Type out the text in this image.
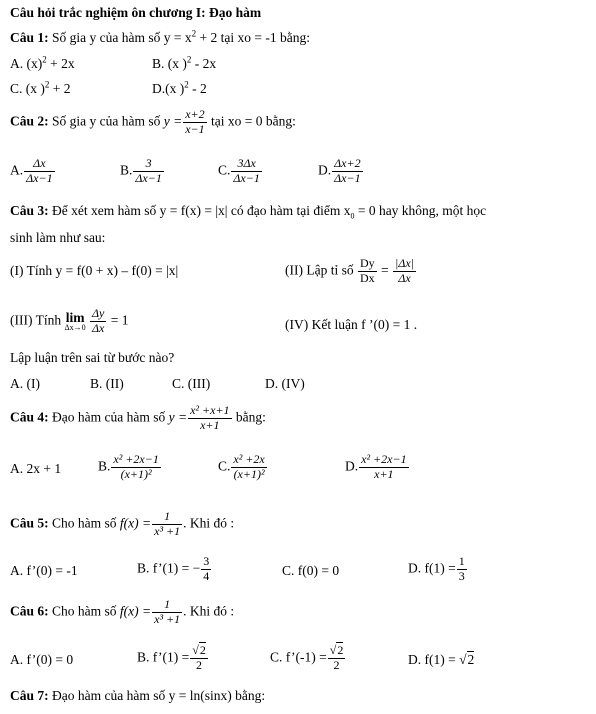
Câu hỏi trắc nghiệm ôn chương I: Đạo hàm
Câu 1: Số gia y của hàm số $y = x^2 + 2$ tại xo = -1 bằng:
A. $(x)^2 + 2x$	B. (x )$^2$ - 2x
C. (x )$^2$ + 2	D.(x )$^2$ - 2
Câu 2: Số gia y của hàm số $y = \frac{x+2}{x-1}$ tại xo = 0 bằng:
A. $\frac{\Delta x}{\Delta x-1}$	B. $\frac{3}{\Delta x-1}$	C. $\frac{3\Delta x}{\Delta x-1}$	D. $\frac{\Delta x+2}{\Delta x-1}$
Câu 3: Để xét xem hàm số y = f(x) = |x| có đạo hàm tại điểm $x_0 = 0$ hay không, một học
sinh làm như sau:
(I) Tính y = f(0 + x) – f(0) = |x|	(II) Lập tỉ số $\frac{Dy}{Dx} = \frac{|\Delta x|}{\Delta x}$
(III) Tính lim
Δx→0
$\frac{\Delta y}{\Delta x} = 1$	(IV) Kết luận f ’(0) = 1 .
Lập luận trên sai từ bước nào?
A. (I)	B. (II)	C. (III)	D. (IV)
Câu 4: Đạo hàm của hàm số $y = \frac{\text{x² +x+1}}{x+1}$ bằng:
A. 2x + 1	B. $\frac{\text{x² +2x−1}}{\text{(x+1)²}}$	C. $\frac{\text{x² +2x}}{\text{(x+1)²}}$	D. $\frac{\text{x² +2x−1}}{x+1}$
Câu 5: Cho hàm số $f(x) = \frac{1}{\text{x³ +1}}$ . Khi đó :
A. f’(0) = -1	B. f’(1) = − $\frac{3}{4}$	C. f(0) = 0	D. $f(1) = \frac{1}{3}$
Câu 6: Cho hàm số $f(x) = \frac{1}{\text{x³ +1}}$ . Khi đó :
A. f’(0) = 0	B. f’(1) = $\frac{√2}{2}$	C. f’(-1) = $\frac{√2}{2}$	D. f(1) = √2
Câu 7: Đạo hàm của hàm số y = ln(sinx) bằng:
